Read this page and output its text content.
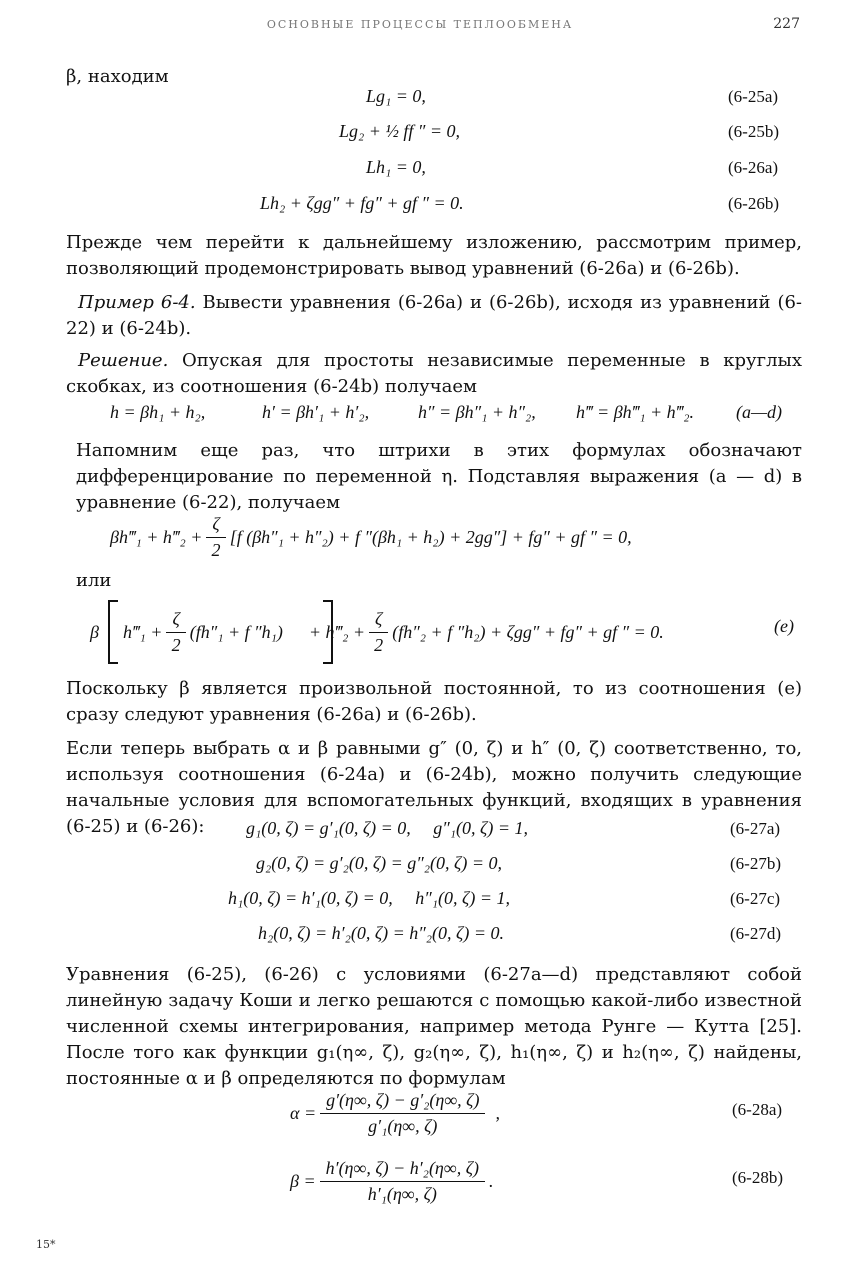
ОСНОВНЫЕ ПРОЦЕССЫ ТЕПЛООБМЕНА	227
β, находим
Lg₁ = 0,	(6-25a)
Lg₂ + ½ ff ″ = 0,	(6-25b)
Lh₁ = 0,	(6-26a)
Lh₂ + ζgg″ + fg″ + gf ″ = 0.	(6-26b)
Прежде чем перейти к дальнейшему изложению, рассмотрим пример, позволяющий продемонстрировать вывод уравнений (6-26a) и (6-26b).
Пример 6-4. Вывести уравнения (6-26a) и (6-26b), исходя из уравнений (6-22) и (6-24b).
Решение. Опуская для простоты независимые переменные в круглых скобках, из соотношения (6-24b) получаем
h = βh₁ + h₂,	h′ = βh′₁ + h′₂,	h″ = βh″₁ + h″₂, h‴ = βh‴₁ + h‴₂. (a—d)
Напомним еще раз, что штрихи в этих формулах обозначают дифференцирование по переменной η. Подставляя выражения (a — d) в уравнение (6-22), получаем
βh‴₁ + h‴₂ + $\frac{\zeta}{2} [f$ (βh″₁ + h″₂) + f ″(βh₁ + h₂) + 2gg″] + fg″ + gf ″ = 0,
или
β h‴₁ + $\frac{\zeta}{2} (fh''_1 + f$ ″h₁) + h‴₂ + $\frac{\zeta}{2} (fh''_2 + f$ ″h₂) + ζgg″ + fg″ + gf ″ = 0.	(e)
Поскольку β является произвольной постоянной, то из соотношения (e) сразу следуют уравнения (6-26a) и (6-26b).
Если теперь выбрать α и β равными g″ (0, ζ) и h″ (0, ζ) соответственно, то, используя соотношения (6-24a) и (6-24b), можно получить следующие начальные условия для вспомогательных функций, входящих в уравнения (6-25) и (6-26):	g₁(0, ζ) = g′₁(0, ζ) = 0,     g″₁(0, ζ) = 1,	(6-27a)
g₂(0, ζ) = g′₂(0, ζ) = g″₂(0, ζ) = 0,	(6-27b)
h₁(0, ζ) = h′₁(0, ζ) = 0,     h″₁(0, ζ) = 1,	(6-27c)
h₂(0, ζ) = h′₂(0, ζ) = h″₂(0, ζ) = 0.	(6-27d)
Уравнения (6-25), (6-26) с условиями (6-27a—d) представляют собой линейную задачу Коши и легко решаются с помощью какой-либо известной численной схемы интегрирования, например метода Рунге — Кутта [25]. После того как функции g₁(η∞, ζ), g₂(η∞, ζ), h₁(η∞, ζ) и h₂(η∞, ζ) найдены, постоянные α и β определяются по формулам
$\alpha = \frac{\text{g′(η∞, ζ) − g′₂(η∞, ζ)}}{\text{g′₁(η∞, ζ)}}$ ,	(6-28a)
$\beta = \frac{\text{h′(η∞, ζ) − h′₂(η∞, ζ)}}{\text{h′₁(η∞, ζ)}}$ .	(6-28b)
15*
